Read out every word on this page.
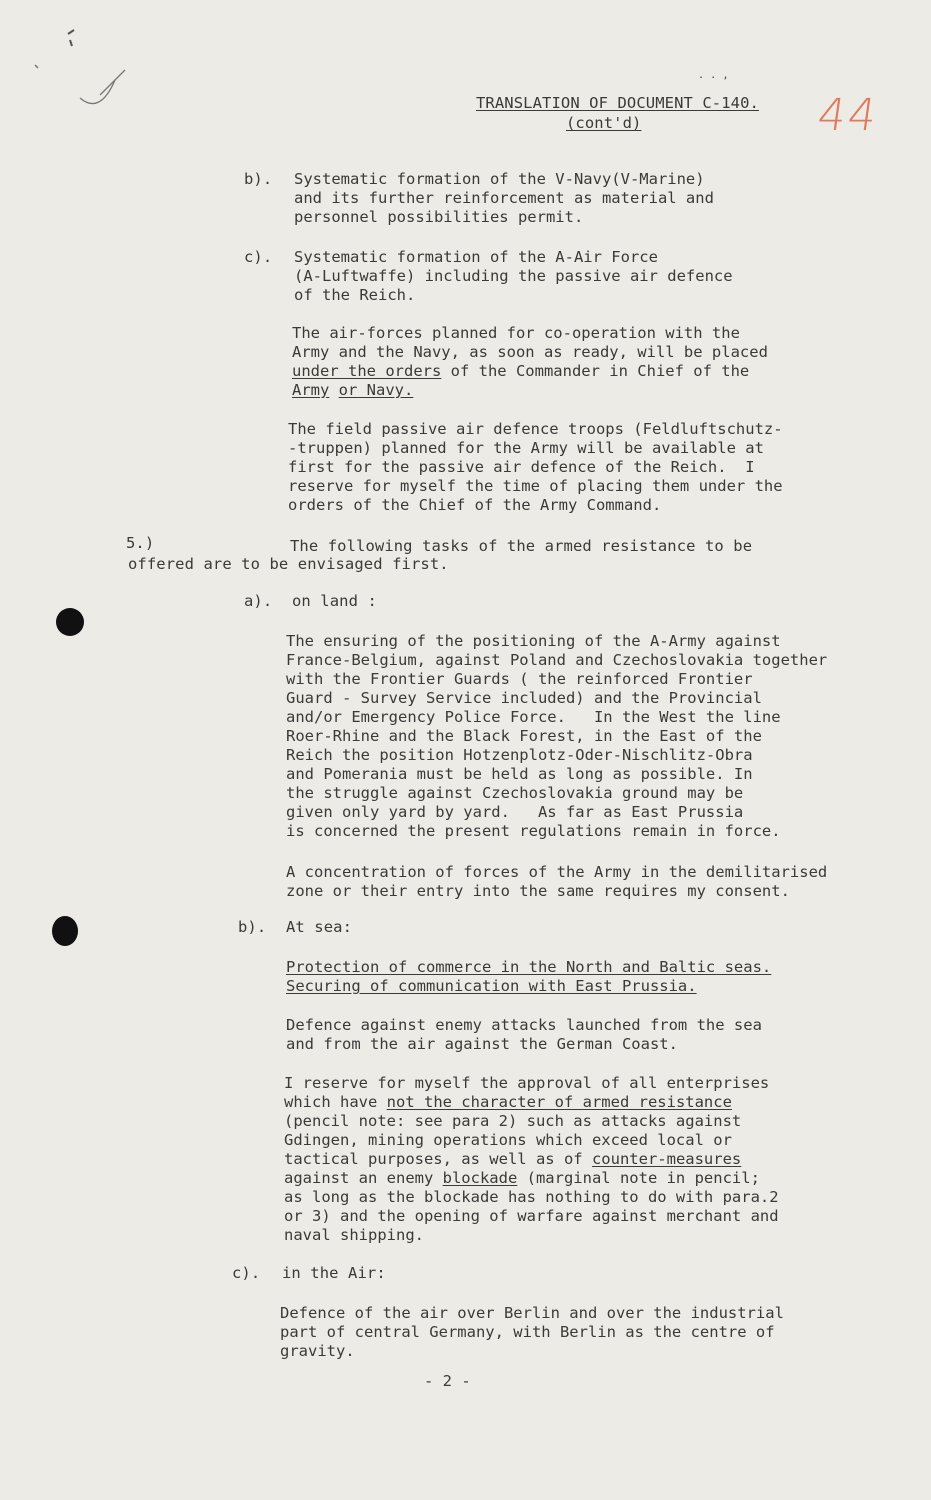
. . ,
TRANSLATION OF DOCUMENT C-140.
(cont'd)	44
b). Systematic formation of the V-Navy(V-Marine)
and its further reinforcement as material and
personnel possibilities permit.
c). Systematic formation of the A-Air Force
(A-Luftwaffe) including the passive air defence
of the Reich.
The air-forces planned for co-operation with the
Army and the Navy, as soon as ready, will be placed
under the orders of the Commander in Chief of the
Army or Navy.
The field passive air defence troops (Feldluftschutz-
-truppen) planned for the Army will be available at
first for the passive air defence of the Reich.  I
reserve for myself the time of placing them under the
orders of the Chief of the Army Command.
5.)	The following tasks of the armed resistance to be
offered are to be envisaged first.
a). on land :
The ensuring of the positioning of the A-Army against
France-Belgium, against Poland and Czechoslovakia together
with the Frontier Guards ( the reinforced Frontier
Guard - Survey Service included) and the Provincial
and/or Emergency Police Force.   In the West the line
Roer-Rhine and the Black Forest, in the East of the
Reich the position Hotzenplotz-Oder-Nischlitz-Obra
and Pomerania must be held as long as possible. In
the struggle against Czechoslovakia ground may be
given only yard by yard.   As far as East Prussia
is concerned the present regulations remain in force.
A concentration of forces of the Army in the demilitarised
zone or their entry into the same requires my consent.
b). At sea:
Protection of commerce in the North and Baltic seas.
Securing of communication with East Prussia.
Defence against enemy attacks launched from the sea
and from the air against the German Coast.
I reserve for myself the approval of all enterprises
which have not the character of armed resistance
(pencil note: see para 2) such as attacks against
Gdingen, mining operations which exceed local or
tactical purposes, as well as of counter-measures
against an enemy blockade (marginal note in pencil;
as long as the blockade has nothing to do with para.2
or 3) and the opening of warfare against merchant and
naval shipping.
c). in the Air:
Defence of the air over Berlin and over the industrial
part of central Germany, with Berlin as the centre of
gravity.
- 2 -
